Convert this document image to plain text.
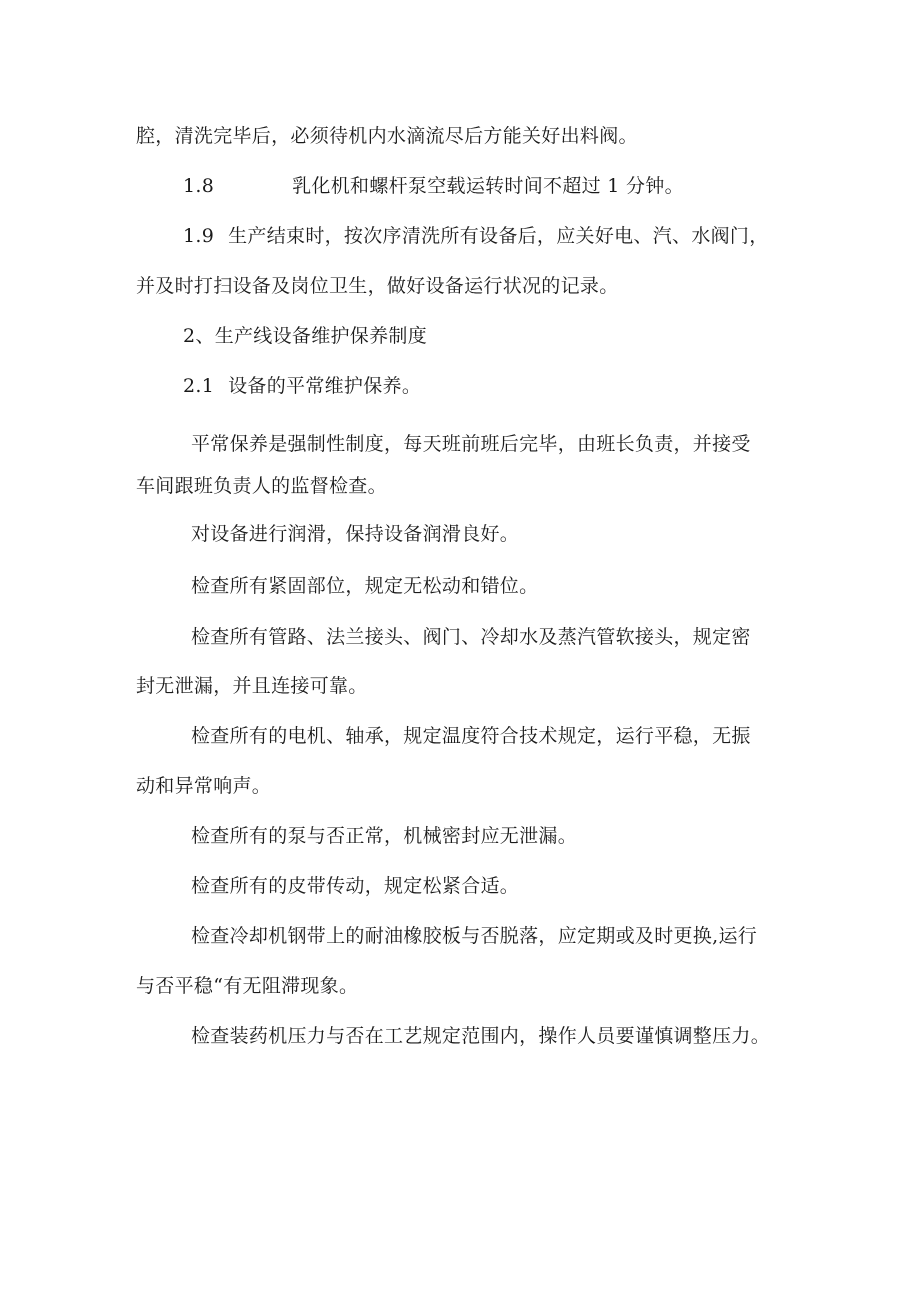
腔，清洗完毕后，必须待机内水滴流尽后方能关好出料阀。
1.8	乳化机和螺杆泵空载运转时间不超过 1 分钟。
1.9 生产结束时，按次序清洗所有设备后，应关好电、汽、水阀门，
并及时打扫设备及岗位卫生，做好设备运行状况的记录。
2、生产线设备维护保养制度
2.1 设备的平常维护保养。
平常保养是强制性制度，每天班前班后完毕，由班长负责，并接受
车间跟班负责人的监督检查。
对设备进行润滑，保持设备润滑良好。
检查所有紧固部位，规定无松动和错位。
检查所有管路、法兰接头、阀门、冷却水及蒸汽管软接头，规定密
封无泄漏，并且连接可靠。
检查所有的电机、轴承，规定温度符合技术规定，运行平稳，无振
动和异常响声。
检查所有的泵与否正常，机械密封应无泄漏。
检查所有的皮带传动，规定松紧合适。
检查冷却机钢带上的耐油橡胶板与否脱落，应定期或及时更换,运行
与否平稳“有无阻滞现象。
检查装药机压力与否在工艺规定范围内，操作人员要谨慎调整压力。
